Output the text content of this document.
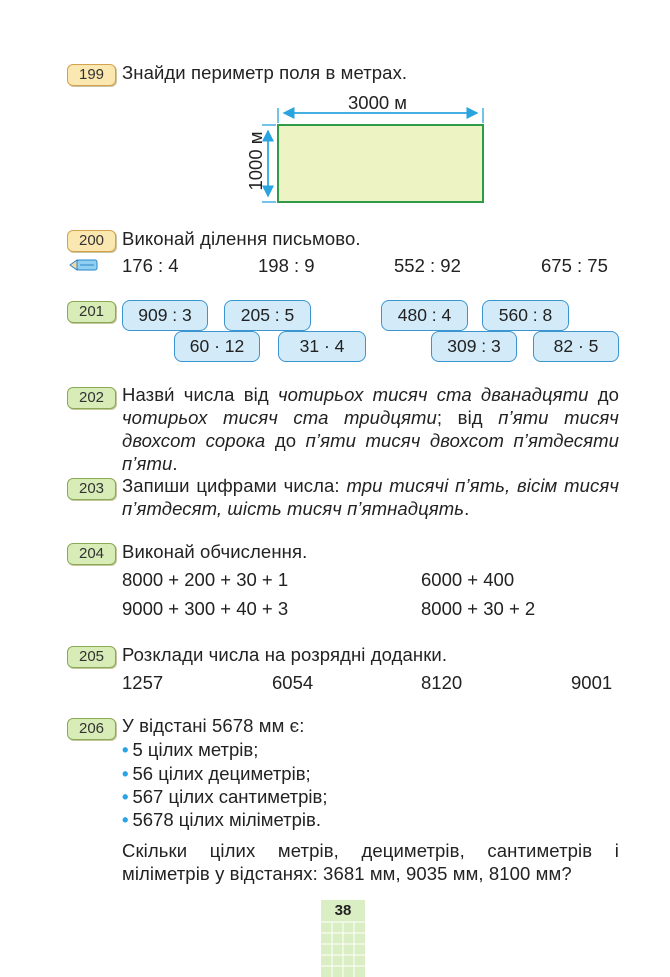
199 Знайди периметр поля в метрах.
3000 м
1000 м
200 Виконай ділення письмово.
176 : 4	198 : 9	552 : 92	675 : 75
201	909 : 3	205 : 5
60 · 12	31 · 4
480 : 4	560 : 8
309 : 3	82 · 5
202 Назви́ числа від чотирьох тисяч ста дванадцяти до чотирьох тисяч ста тридцяти; від п’яти тисяч двохсот сорока до п’яти тисяч двохсот п’ятдесяти п’яти.
203 Запиши цифрами числа: три тисячі п’ять, вісім тисяч п’ятдесят, шість тисяч п’ятнадцять.
204 Виконай обчислення.
8000 + 200 + 30 + 1	6000 + 400
9000 + 300 + 40 + 3	8000 + 30 + 2
205 Розклади числа на розрядні доданки.
1257	6054	8120	9001
206 У відстані 5678 мм є:
• 5 цілих метрів;
• 56 цілих дециметрів;
• 567 цілих сантиметрів;
• 5678 цілих міліметрів.
Скільки цілих метрів, дециметрів, сантиметрів і міліметрів у відстанях: 3681 мм, 9035 мм, 8100 мм?
38
